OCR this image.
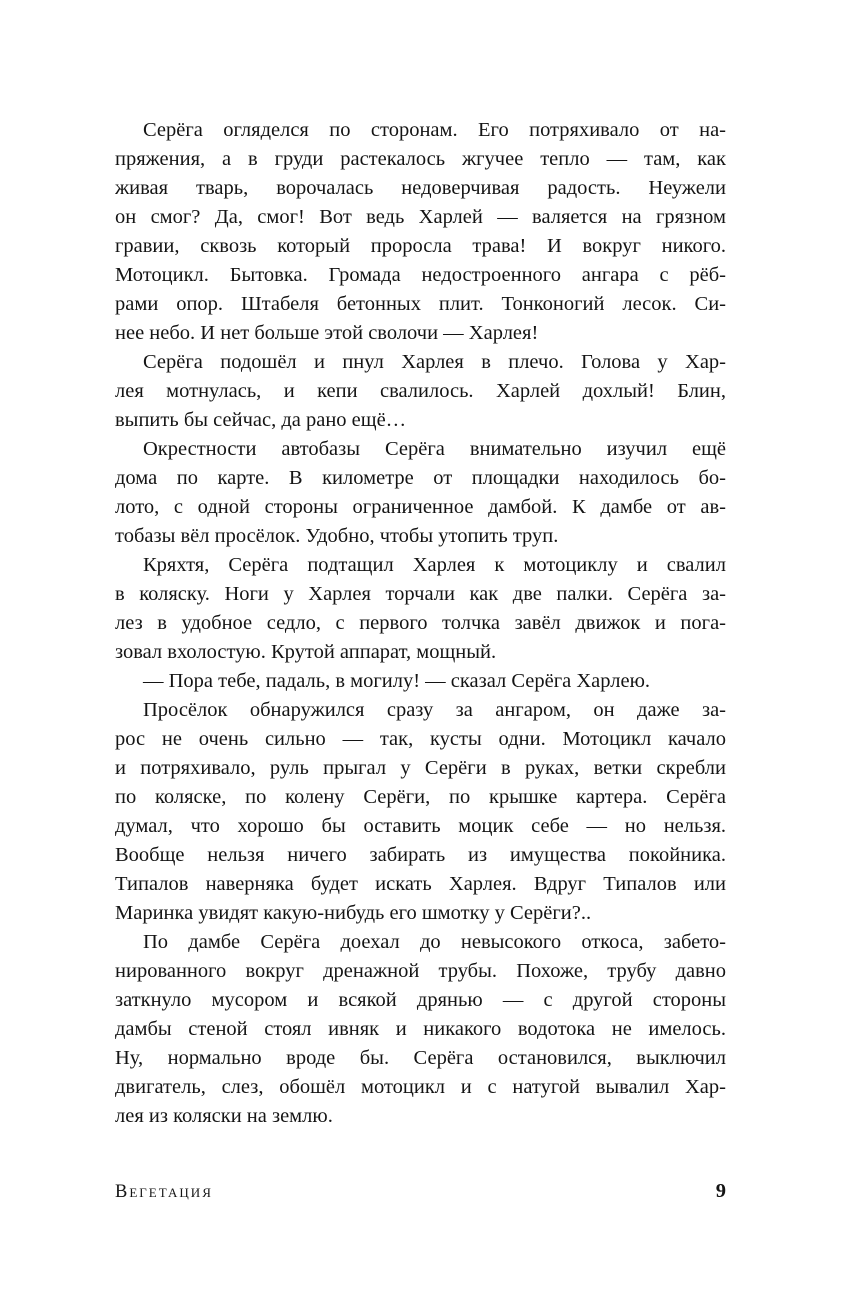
Серёга огляделся по сторонам. Его потряхивало от на-
пряжения, а в груди растекалось жгучее тепло — там, как
живая тварь, ворочалась недоверчивая радость. Неужели
он смог? Да, смог! Вот ведь Харлей — валяется на грязном
гравии, сквозь который проросла трава! И вокруг никого.
Мотоцикл. Бытовка. Громада недостроенного ангара с рёб-
рами опор. Штабеля бетонных плит. Тонконогий лесок. Си-
нее небо. И нет больше этой сволочи — Харлея!
Серёга подошёл и пнул Харлея в плечо. Голова у Хар-
лея мотнулась, и кепи свалилось. Харлей дохлый! Блин,
выпить бы сейчас, да рано ещё…
Окрестности автобазы Серёга внимательно изучил ещё
дома по карте. В километре от площадки находилось бо-
лото, с одной стороны ограниченное дамбой. К дамбе от ав-
тобазы вёл просёлок. Удобно, чтобы утопить труп.
Кряхтя, Серёга подтащил Харлея к мотоциклу и свалил
в коляску. Ноги у Харлея торчали как две палки. Серёга за-
лез в удобное седло, с первого толчка завёл движок и пога-
зовал вхолостую. Крутой аппарат, мощный.
— Пора тебе, падаль, в могилу! — сказал Серёга Харлею.
Просёлок обнаружился сразу за ангаром, он даже за-
рос не очень сильно — так, кусты одни. Мотоцикл качало
и потряхивало, руль прыгал у Серёги в руках, ветки скребли
по коляске, по колену Серёги, по крышке картера. Серёга
думал, что хорошо бы оставить моцик себе — но нельзя.
Вообще нельзя ничего забирать из имущества покойника.
Типалов наверняка будет искать Харлея. Вдруг Типалов или
Маринка увидят какую-нибудь его шмотку у Серёги?..
По дамбе Серёга доехал до невысокого откоса, забето-
нированного вокруг дренажной трубы. Похоже, трубу давно
заткнуло мусором и всякой дрянью — с другой стороны
дамбы стеной стоял ивняк и никакого водотока не имелось.
Ну, нормально вроде бы. Серёга остановился, выключил
двигатель, слез, обошёл мотоцикл и с натугой вывалил Хар-
лея из коляски на землю.
Вегетация	9
